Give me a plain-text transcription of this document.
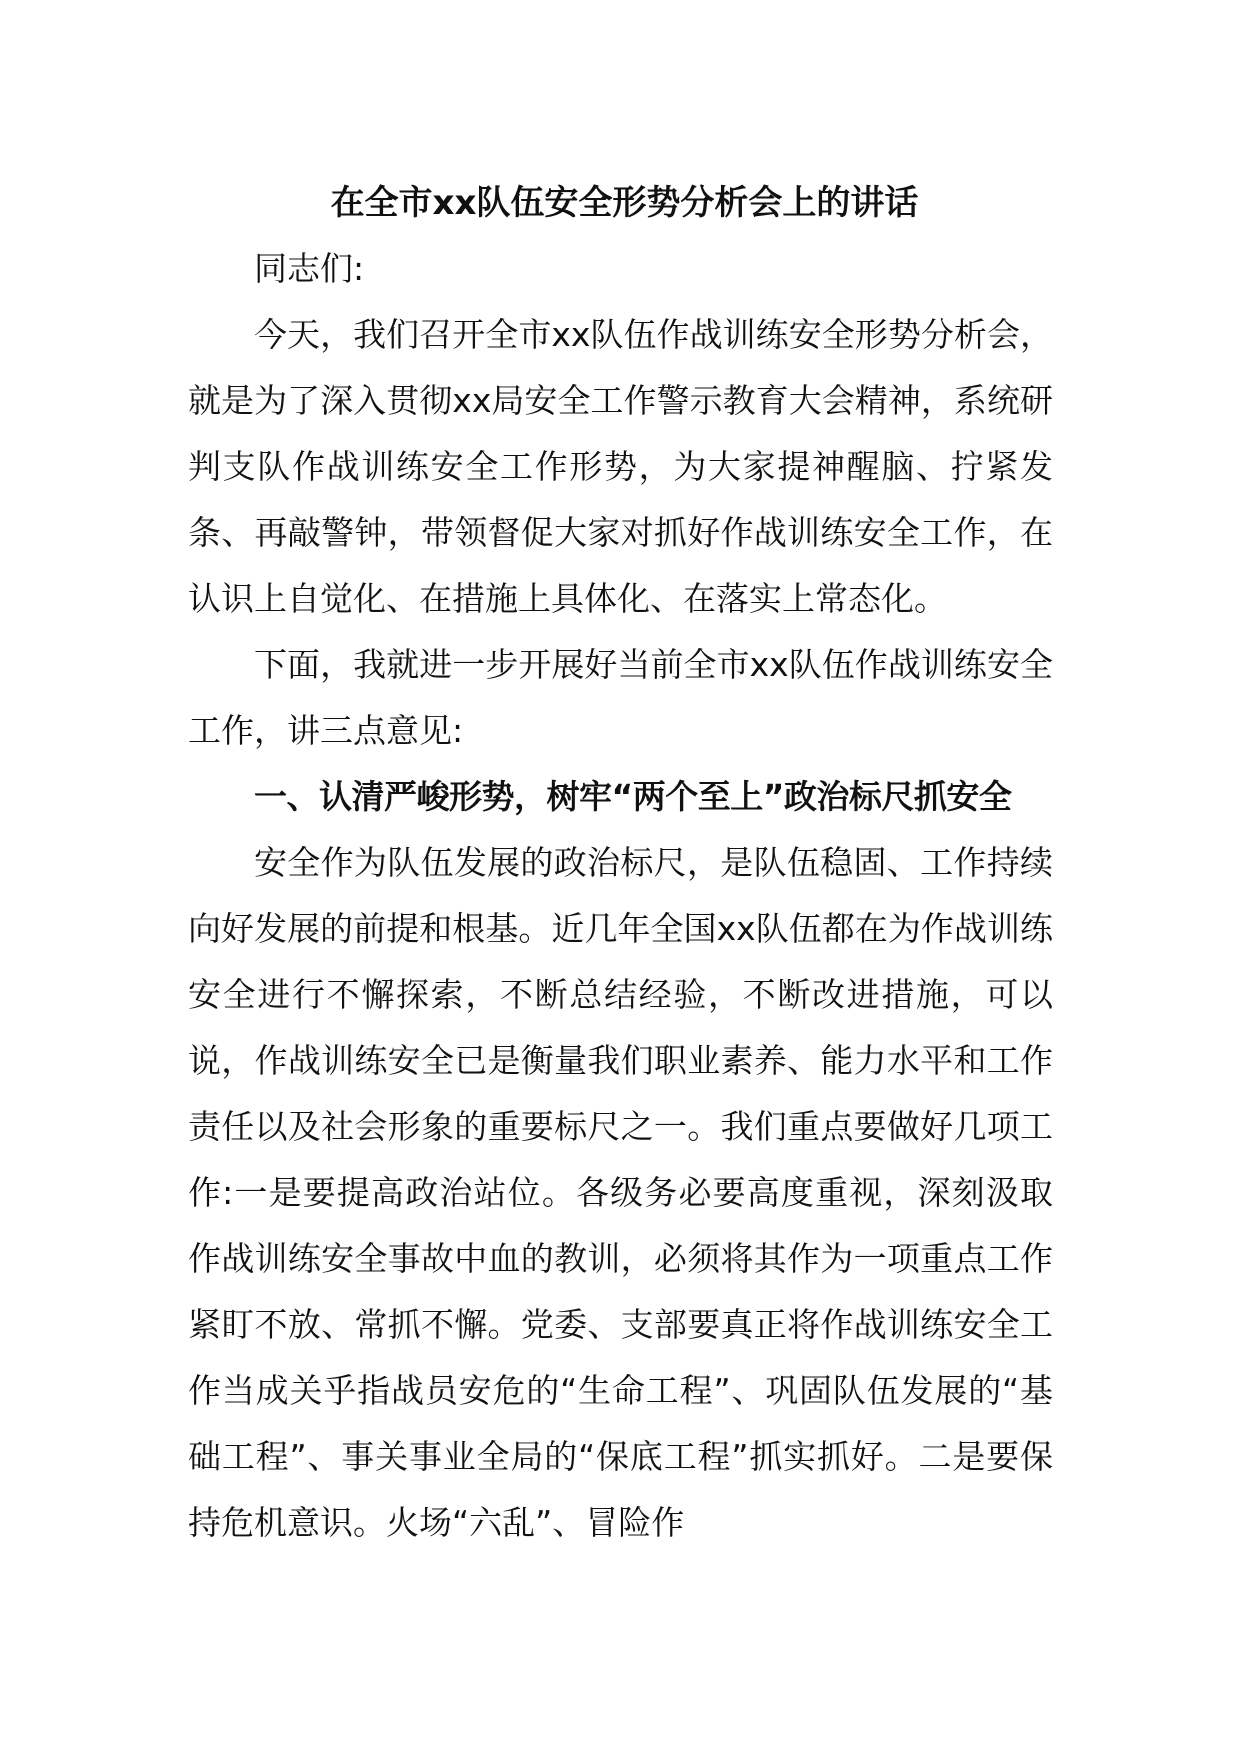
在全市xx队伍安全形势分析会上的讲话

同志们:

今天，我们召开全市xx队伍作战训练安全形势分析会，就是为了深入贯彻xx局安全工作警示教育大会精神，系统研判支队作战训练安全工作形势，为大家提神醒脑、拧紧发条、再敲警钟，带领督促大家对抓好作战训练安全工作，在认识上自觉化、在措施上具体化、在落实上常态化。

下面，我就进一步开展好当前全市xx队伍作战训练安全工作，讲三点意见:

一、认清严峻形势，树牢“两个至上”政治标尺抓安全

安全作为队伍发展的政治标尺，是队伍稳固、工作持续向好发展的前提和根基。近几年全国xx队伍都在为作战训练安全进行不懈探索，不断总结经验，不断改进措施，可以说，作战训练安全已是衡量我们职业素养、能力水平和工作责任以及社会形象的重要标尺之一。我们重点要做好几项工作:一是要提高政治站位。各级务必要高度重视，深刻汲取作战训练安全事故中血的教训，必须将其作为一项重点工作紧盯不放、常抓不懈。党委、支部要真正将作战训练安全工作当成关乎指战员安危的“生命工程”、巩固队伍发展的“基础工程”、事关事业全局的“保底工程”抓实抓好。二是要保持危机意识。火场“六乱”、冒险作
